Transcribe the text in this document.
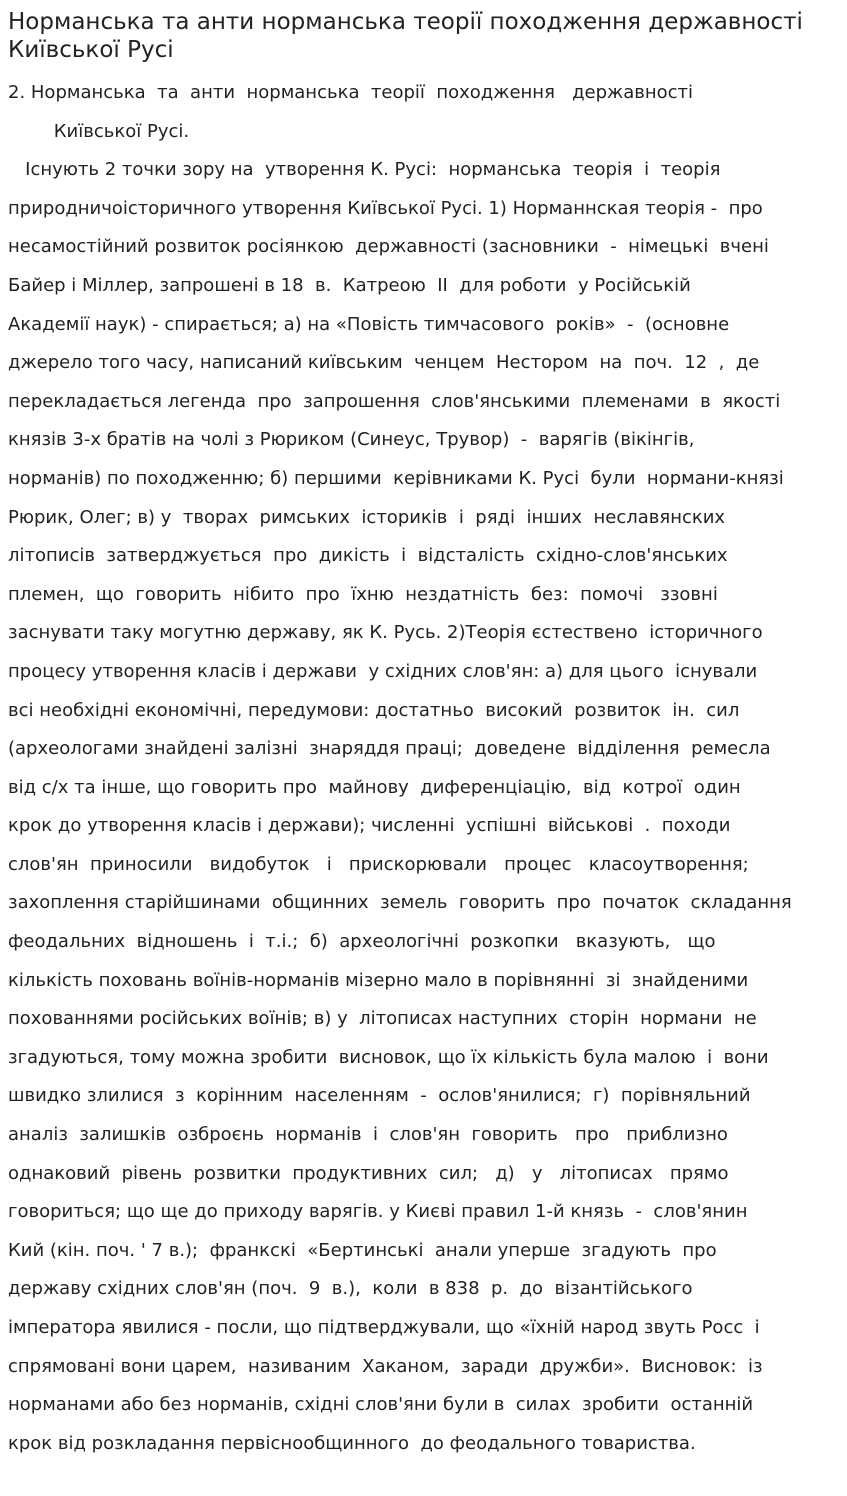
Норманська та анти норманська теорії походження державності
Київської Русі
2. Норманська  та  анти  норманська  теорії  походження   державності
Київської Русі.
Існують 2 точки зору на  утворення К. Русі:  норманська  теорія  і  теорія
природничоісторичного утворення Київської Русі. 1) Норманнская теорія -  про
несамостійний розвиток росіянкою  державності (засновники  -  німецькі  вчені
Байер і Міллер, запрошені в 18  в.  Катреою  ІІ  для роботи  у Російській
Академії наук) - спирається; а) на «Повість тимчасового  років»  -  (основне
джерело того часу, написаний київським  ченцем  Нестором  на  поч.  12  ,  де
перекладається легенда  про  запрошення  слов'янськими  племенами  в  якості
князів 3-х братів на чолі з Рюриком (Синеус, Трувор)  -  варягів (вікінгів,
норманів) по походженню; б) першими  керівниками К. Русі  були  нормани-князі
Рюрик, Олег; в) у  творах  римських  істориків  і  ряді  інших  неславянских
літописів  затверджується  про  дикість  і  відсталість  східно-слов'янських
племен,  що  говорить  нібито  про  їхню  нездатність  без:  помочі   ззовні
заснувати таку могутню державу, як К. Русь. 2)Теорія єстествено  історичного
процесу утворення класів і держави  у східних слов'ян: а) для цього  існували
всі необхідні економічні, передумови: достатньо  високий  розвиток  ін.  сил
(археологами знайдені залізні  знаряддя праці;  доведене  відділення  ремесла
від с/х та інше, що говорить про  майнову  диференціацію,  від  котрої  один
крок до утворення класів і держави); численні  успішні  військові  .  походи
слов'ян  приносили   видобуток   і   прискорювали   процес   класоутворення;
захоплення старійшинами  общинних  земель  говорить  про  початок  складання
феодальних  відношень  і  т.і.;  б)  археологічні  розкопки   вказують,   що
кількість поховань воїнів-норманів мізерно мало в порівнянні  зі  знайденими
похованнями російських воїнів; в) у  літописах наступних  сторін  нормани  не
згадуються, тому можна зробити  висновок, що їх кількість була малою  і  вони
швидко злилися  з  корінним  населенням  -  ослов'янилися;  г)  порівняльний
аналіз  залишків  озброєнь  норманів  і  слов'ян  говорить   про   приблизно
однаковий  рівень  розвитки  продуктивних  сил;   д)   у   літописах   прямо
говориться; що ще до приходу варягів. у Києві правил 1-й князь  -  слов'янин
Кий (кін. поч. ' 7 в.);  франкскі  «Бертинські  анали уперше  згадують  про
державу східних слов'ян (поч.  9  в.),  коли  в 838  р.  до  візантійського
імператора явилися - посли, що підтверджували, що «їхній народ звуть Росс  і
спрямовані вони царем,  називаним  Хаканом,  заради  дружби».  Висновок:  із
норманами або без норманів, східні слов'яни були в  силах  зробити  останній
крок від розкладання первіснообщинного  до феодального товариства.
